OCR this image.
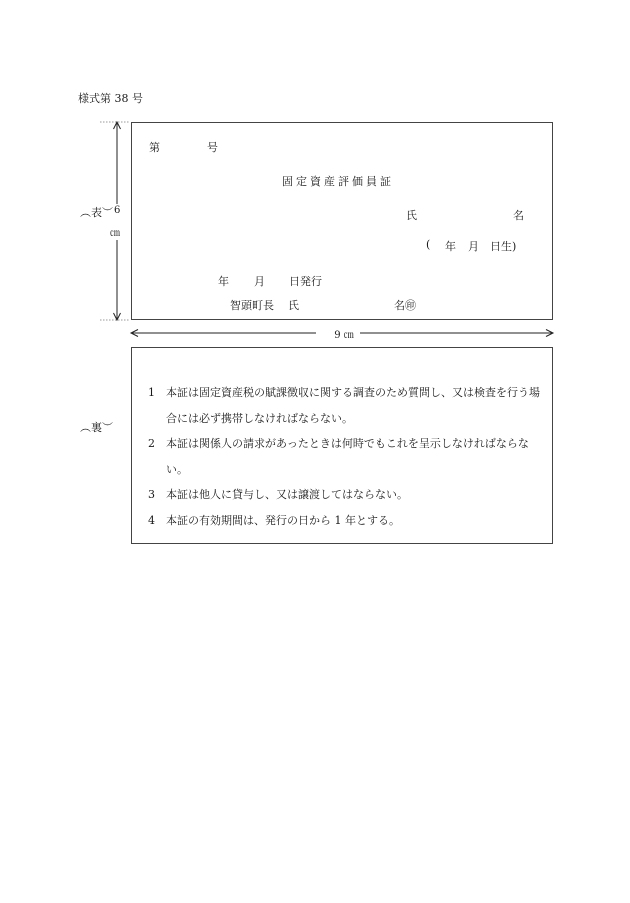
様式第 38 号
︵表︶
︵裏︶
6
㎝
9 ㎝
第	号
固定資産評価員証
氏	名
( 年 月 日生)
年 月 日発行
智頭町長 氏	名㊞
1	本証は固定資産税の賦課徴収に関する調査のため質問し、又は検査を行う場合には必ず携帯しなければならない。
2	本証は関係人の請求があったときは何時でもこれを呈示しなければならない。
3	本証は他人に貸与し、又は譲渡してはならない。
4	本証の有効期間は、発行の日から 1 年とする。
